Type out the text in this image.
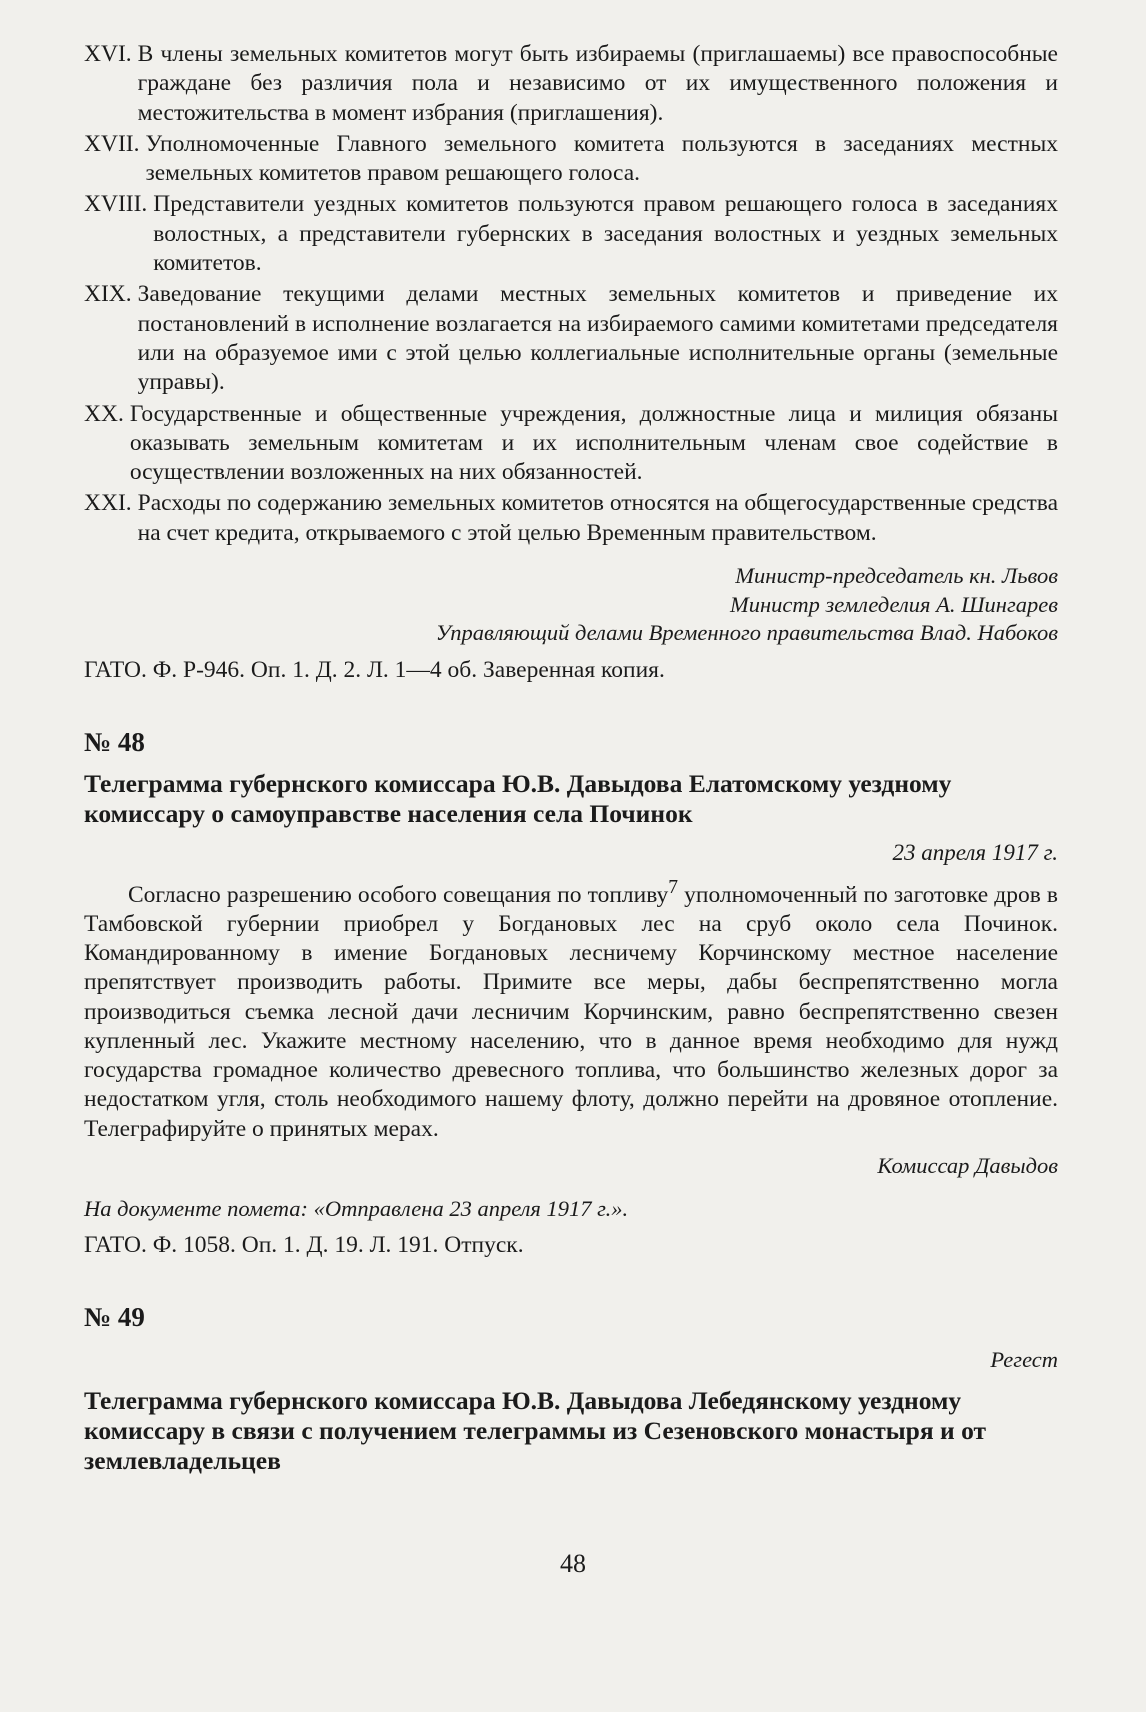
XVI. В члены земельных комитетов могут быть избираемы (приглашаемы) все правоспособные граждане без различия пола и независимо от их имущественного положения и местожительства в момент избрания (приглашения).
XVII. Уполномоченные Главного земельного комитета пользуются в заседаниях местных земельных комитетов правом решающего голоса.
XVIII. Представители уездных комитетов пользуются правом решающего голоса в заседаниях волостных, а представители губернских в заседания волостных и уездных земельных комитетов.
XIX. Заведование текущими делами местных земельных комитетов и приведение их постановлений в исполнение возлагается на избираемого самими комитетами председателя или на образуемое ими с этой целью коллегиальные исполнительные органы (земельные управы).
XX. Государственные и общественные учреждения, должностные лица и милиция обязаны оказывать земельным комитетам и их исполнительным членам свое содействие в осуществлении возложенных на них обязанностей.
XXI. Расходы по содержанию земельных комитетов относятся на общегосударственные средства на счет кредита, открываемого с этой целью Временным правительством.
Министр-председатель кн. Львов
Министр земледелия А. Шингарев
Управляющий делами Временного правительства Влад. Набоков
ГАТО. Ф. Р-946. Оп. 1. Д. 2. Л. 1—4 об. Заверенная копия.
№ 48
Телеграмма губернского комиссара Ю.В. Давыдова Елатомскому уездному комиссару о самоуправстве населения села Починок
23 апреля 1917 г.
Согласно разрешению особого совещания по топливу$^7$ уполномоченный по заготовке дров в Тамбовской губернии приобрел у Богдановых лес на сруб около села Починок. Командированному в имение Богдановых лесничему Корчинскому местное население препятствует производить работы. Примите все меры, дабы беспрепятственно могла производиться съемка лесной дачи лесничим Корчинским, равно беспрепятственно свезен купленный лес. Укажите местному населению, что в данное время необходимо для нужд государства громадное количество древесного топлива, что большинство железных дорог за недостатком угля, столь необходимого нашему флоту, должно перейти на дровяное отопление. Телеграфируйте о принятых мерах.
Комиссар Давыдов
На документе помета: «Отправлена 23 апреля 1917 г.».
ГАТО. Ф. 1058. Оп. 1. Д. 19. Л. 191. Отпуск.
№ 49
Регест
Телеграмма губернского комиссара Ю.В. Давыдова Лебедянскому уездному комиссару в связи с получением телеграммы из Сезеновского монастыря и от землевладельцев
48
